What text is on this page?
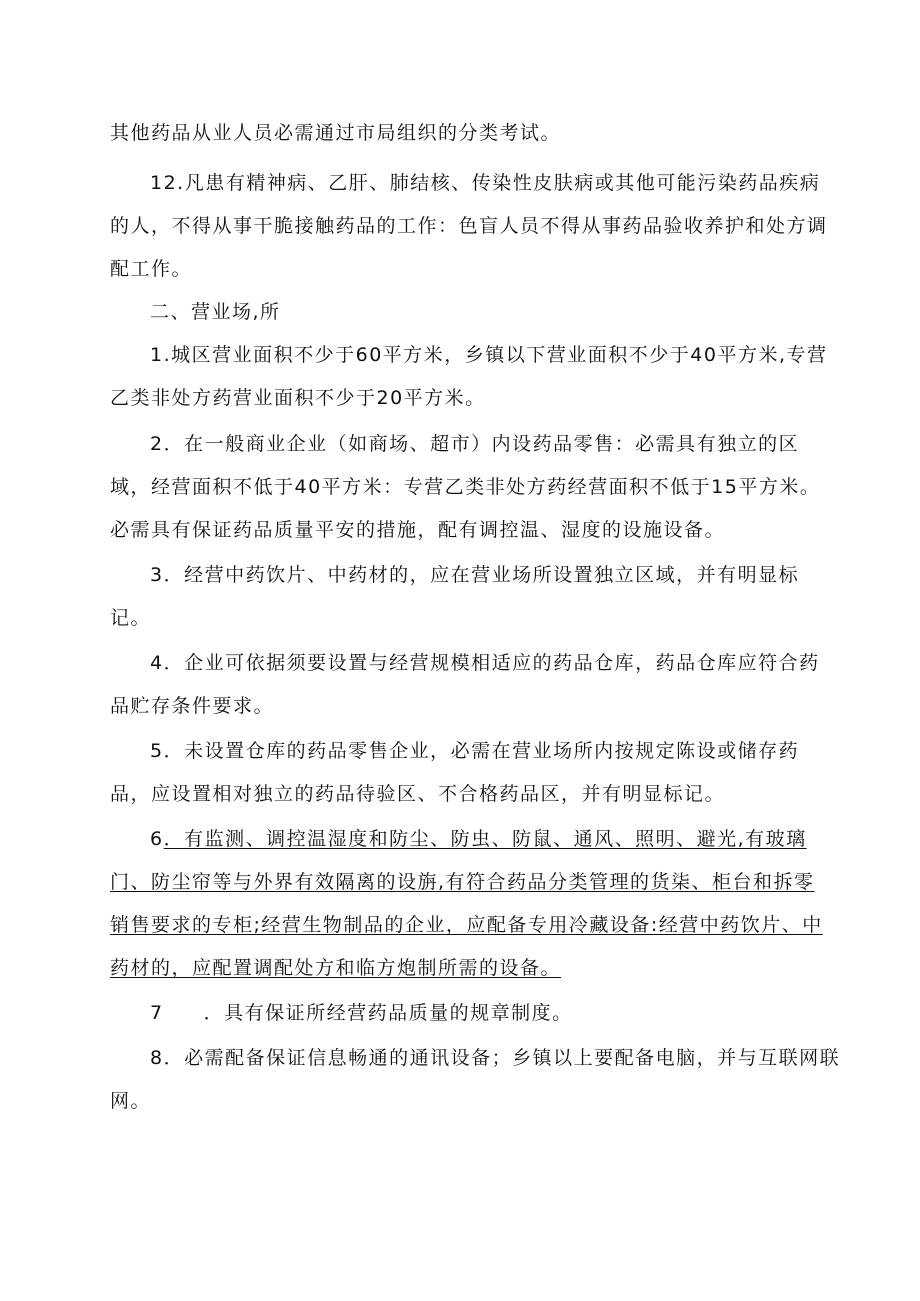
其他药品从业人员必需通过市局组织的分类考试。
12.凡患有精神病、乙肝、肺结核、传染性皮肤病或其他可能污染药品疾病
的人，不得从事干脆接触药品的工作：色盲人员不得从事药品验收养护和处方调
配工作。
二、营业场,所
1.城区营业面积不少于60平方米，乡镇以下营业面积不少于40平方米,专营
乙类非处方药营业面积不少于20平方米。
2．在一般商业企业（如商场、超市）内设药品零售：必需具有独立的区
域，经营面积不低于40平方米：专营乙类非处方药经营面积不低于15平方米。
必需具有保证药品质量平安的措施，配有调控温、湿度的设施设备。
3．经营中药饮片、中药材的，应在营业场所设置独立区域，并有明显标
记。
4．企业可依据须要设置与经营规模相适应的药品仓库，药品仓库应符合药
品贮存条件要求。
5．未设置仓库的药品零售企业，必需在营业场所内按规定陈设或储存药
品，应设置相对独立的药品待验区、不合格药品区，并有明显标记。
6．有监测、调控温湿度和防尘、防虫、防鼠、通风、照明、避光,有玻璃
门、防尘帘等与外界有效隔离的设旃,有符合药品分类管理的货柒、柜台和拆零
销售要求的专柜;经营生物制品的企业，应配备专用冷藏设备:经营中药饮片、中
药材的，应配置调配处方和临方炮制所需的设备。
7 ．具有保证所经营药品质量的规章制度。
8．必需配备保证信息畅通的通讯设备；乡镇以上要配备电脑，并与互联网联
网。
